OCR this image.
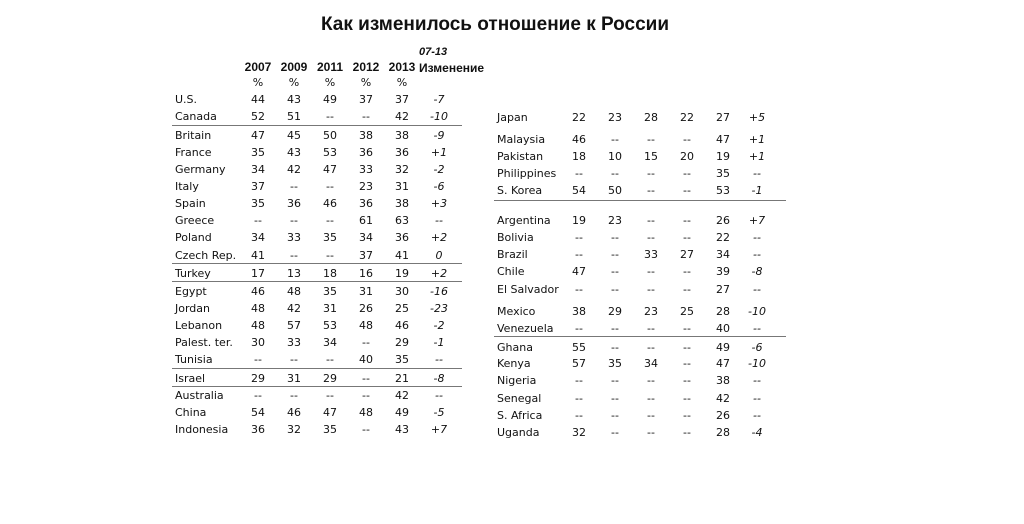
Как изменилось отношение к России
2007 2009 2011 2012 2013
07-13
Изменение
%	%	%	%	%
U.S.	44	43	49	37	37	-7
Canada	52	51	--	--	42	-10
Britain	47	45	50	38	38	-9
France	35	43	53	36	36	+1
Germany	34	42	47	33	32	-2
Italy	37	--	--	23	31	-6
Spain	35	36	46	36	38	+3
Greece	--	--	--	61	63	--
Poland	34	33	35	34	36	+2
Czech Rep.	41	--	--	37	41	0
Turkey	17	13	18	16	19	+2
Egypt	46	48	35	31	30	-16
Jordan	48	42	31	26	25	-23
Lebanon	48	57	53	48	46	-2
Palest. ter.	30	33	34	--	29	-1
Tunisia	--	--	--	40	35	--
Israel	29	31	29	--	21	-8
Australia	--	--	--	--	42	--
China	54	46	47	48	49	-5
Indonesia	36	32	35	--	43	+7
Japan	22	23	28	22	27	+5
Malaysia	46	--	--	--	47	+1
Pakistan	18	10	15	20	19	+1
Philippines	--	--	--	--	35	--
S. Korea	54	50	--	--	53	-1
Argentina	19	23	--	--	26	+7
Bolivia	--	--	--	--	22	--
Brazil	--	--	33	27	34	--
Chile	47	--	--	--	39	-8
El Salvador	--	--	--	--	27	--
Mexico	38	29	23	25	28	-10
Venezuela	--	--	--	--	40	--
Ghana	55	--	--	--	49	-6
Kenya	57	35	34	--	47	-10
Nigeria	--	--	--	--	38	--
Senegal	--	--	--	--	42	--
S. Africa	--	--	--	--	26	--
Uganda	32	--	--	--	28	-4
